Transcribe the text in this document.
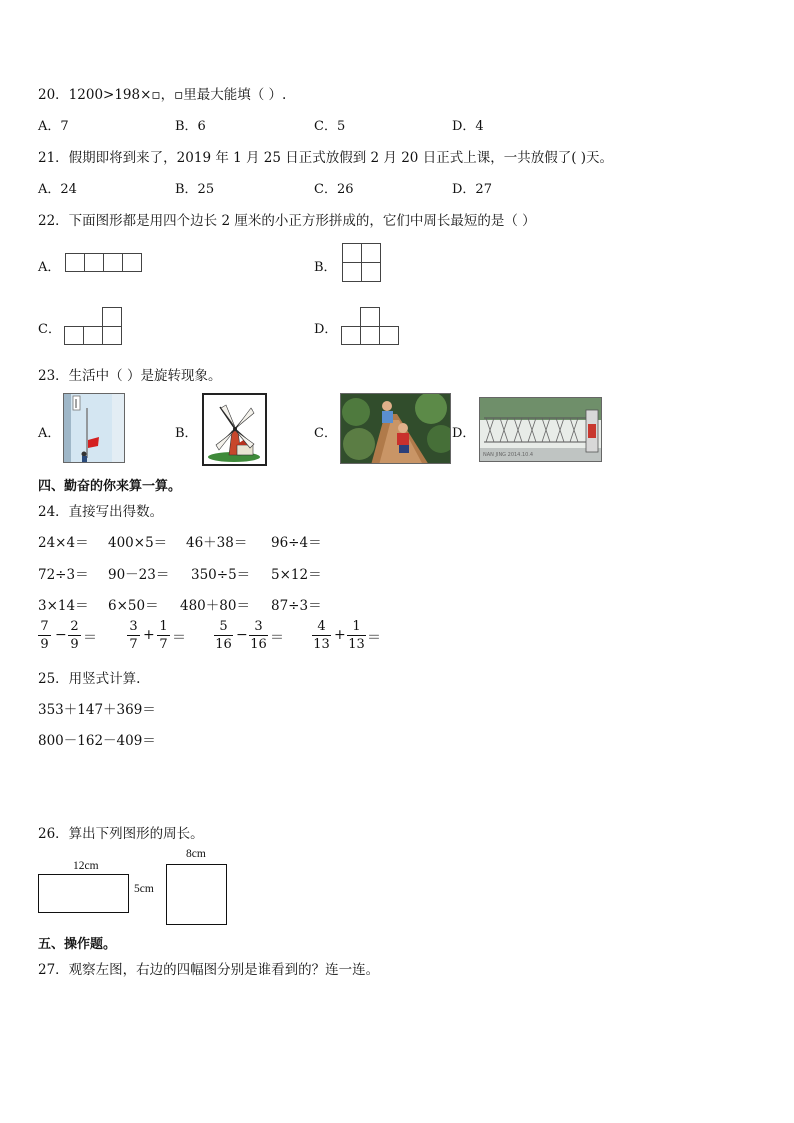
20．1200>198×▫，▫里最大能填（ ）.
A．7	B．6	C．5	D．4
21．假期即将到来了，2019 年 1 月 25 日正式放假到 2 月 20 日正式上课，一共放假了( )天。
A．24	B．25	C．26	D．27
22．下面图形都是用四个边长 2 厘米的小正方形拼成的，它们中周长最短的是（ ）
A．	B．
C．	D．
23．生活中（ ）是旋转现象。
A．	B．	C．	D．
NAN JING 2014.10.4
四、勤奋的你来算一算。
24．直接写出得数。
24×4＝ 400×5＝ 46＋38＝ 96÷4＝
72÷3＝ 90－23＝ 350÷5＝ 5×12＝
3×14＝ 6×50＝ 480＋80＝ 87÷3＝
7
9
−
2
9 ＝
3
7
+
1
7 ＝
5
16
−
3
16 ＝
4
13
+
1
13 ＝
25．用竖式计算.
353＋147＋369＝
800－162－409＝
26．算出下列图形的周长。
12cm
5cm
8cm
五、操作题。
27．观察左图，右边的四幅图分别是谁看到的？连一连。
